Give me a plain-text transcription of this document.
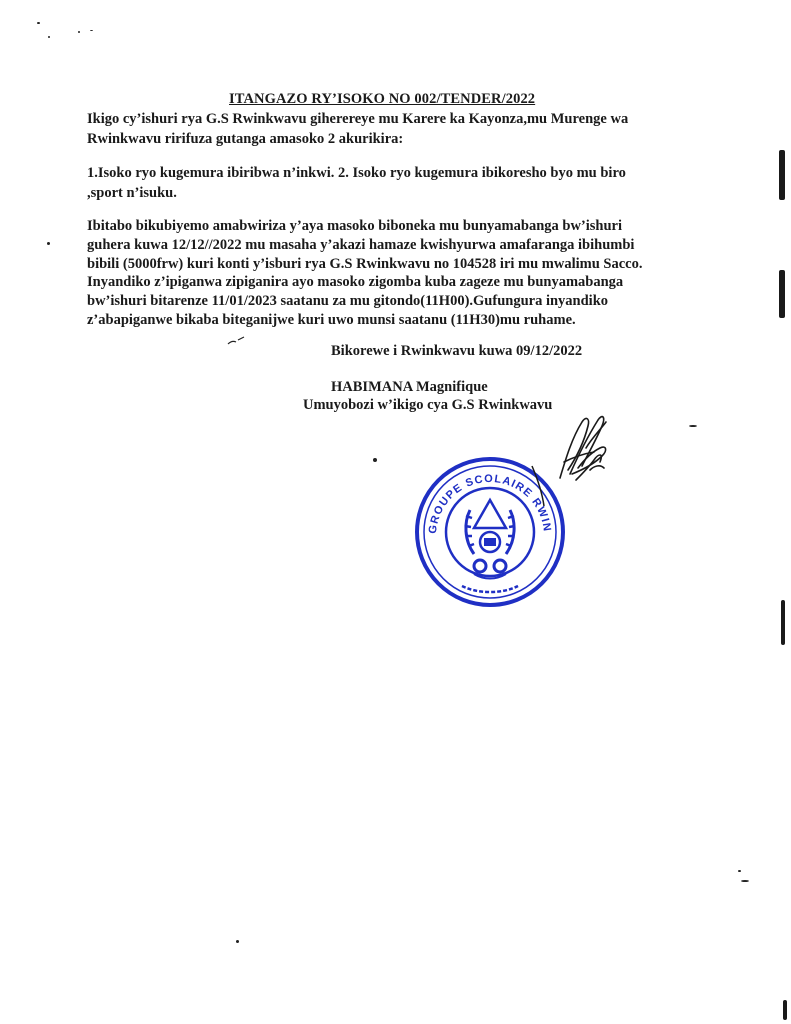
ITANGAZO RY’ISOKO NO 002/TENDER/2022
Ikigo cy’ishuri rya G.S Rwinkwavu giherereye mu Karere ka Kayonza,mu Murenge wa
Rwinkwavu ririfuza gutanga amasoko 2 akurikira:
1.Isoko ryo kugemura ibiribwa n’inkwi. 2. Isoko ryo kugemura ibikoresho byo mu biro
,sport n’isuku.
Ibitabo bikubiyemo amabwiriza y’aya masoko biboneka mu bunyamabanga bw’ishuri
guhera kuwa 12/12//2022 mu masaha y’akazi hamaze kwishyurwa amafaranga ibihumbi
bibili (5000frw) kuri konti y’isburi rya G.S Rwinkwavu no 104528 iri mu mwalimu Sacco.
Inyandiko z’ipiganwa zipiganira ayo masoko zigomba kuba zageze mu bunyamabanga
bw’ishuri bitarenze 11/01/2023 saatanu za mu gitondo(11H00).Gufungura inyandiko
z’abapiganwe bikaba biteganijwe kuri uwo munsi saatanu (11H30)mu ruhame.
Bikorewe i Rwinkwavu kuwa 09/12/2022
HABIMANA Magnifique
Umuyobozi w’ikigo cya G.S Rwinkwavu
GROUPE SCOLAIRE RWINKWAVU
